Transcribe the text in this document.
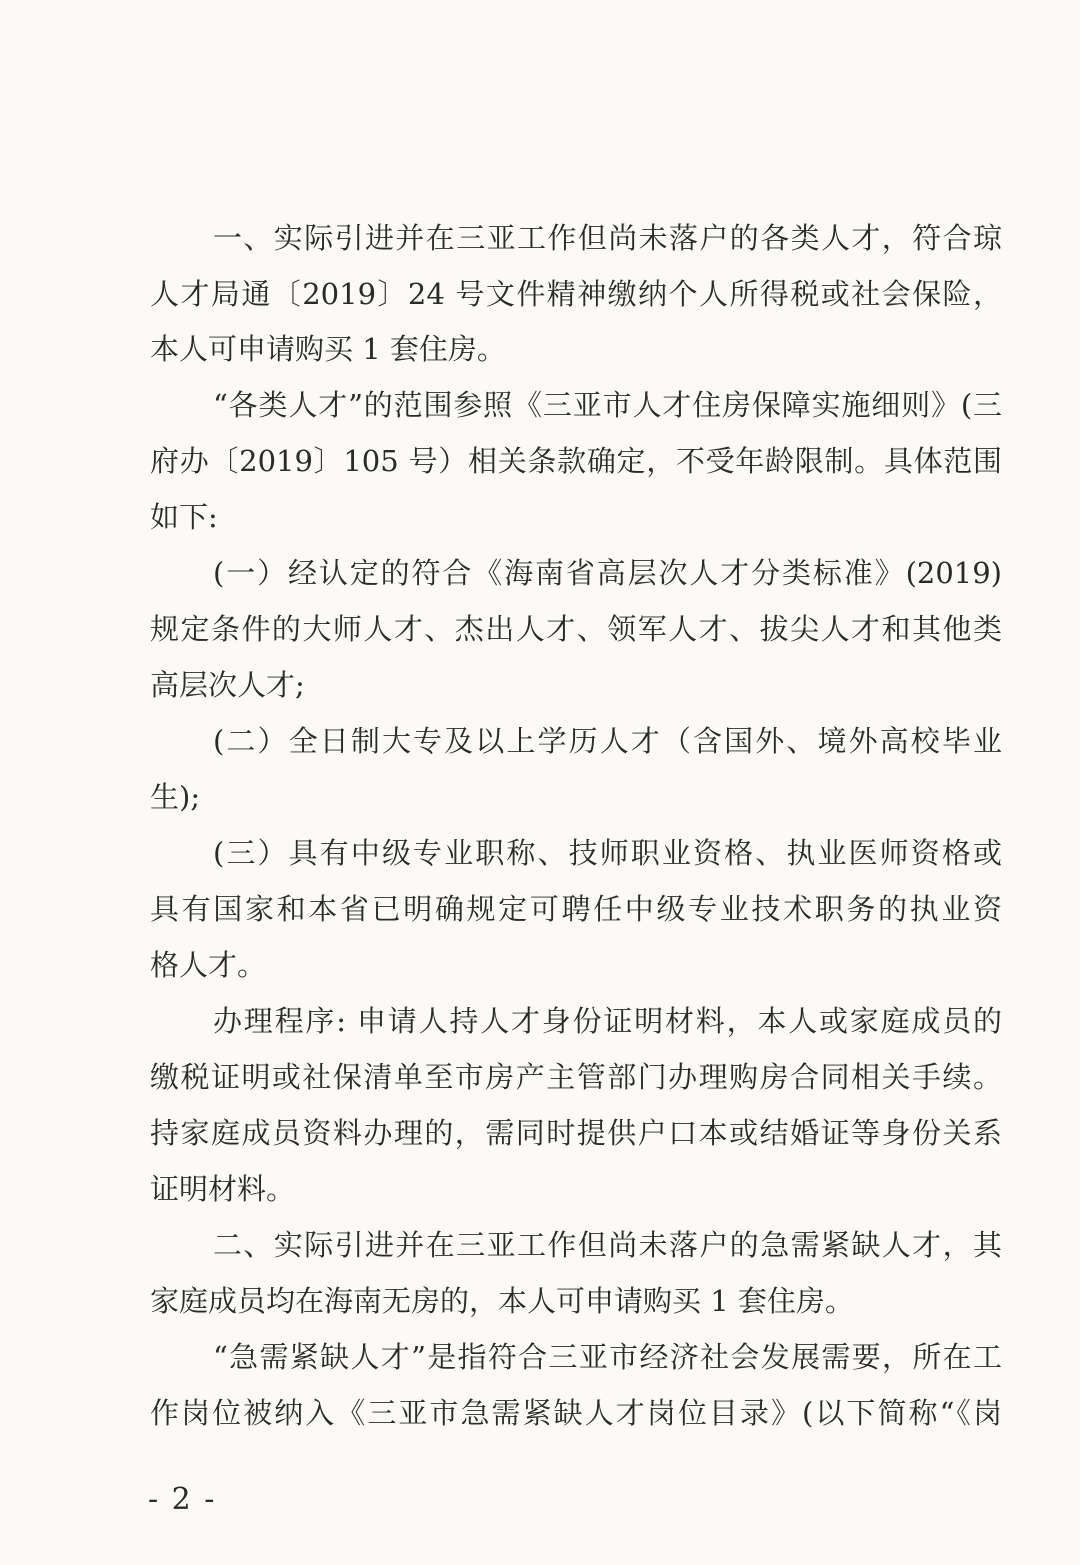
一、实际引进并在三亚工作但尚未落户的各类人才，符合琼
人才局通〔2019〕24 号文件精神缴纳个人所得税或社会保险，
本人可申请购买 1 套住房。
“各类人才”的范围参照《三亚市人才住房保障实施细则》(三
府办〔2019〕105 号）相关条款确定，不受年龄限制。具体范围
如下:
(一）经认定的符合《海南省高层次人才分类标准》(2019)
规定条件的大师人才、杰出人才、领军人才、拔尖人才和其他类
高层次人才;
(二）全日制大专及以上学历人才（含国外、境外高校毕业
生);
(三）具有中级专业职称、技师职业资格、执业医师资格或
具有国家和本省已明确规定可聘任中级专业技术职务的执业资
格人才。
办理程序: 申请人持人才身份证明材料，本人或家庭成员的
缴税证明或社保清单至市房产主管部门办理购房合同相关手续。
持家庭成员资料办理的，需同时提供户口本或结婚证等身份关系
证明材料。
二、实际引进并在三亚工作但尚未落户的急需紧缺人才，其
家庭成员均在海南无房的，本人可申请购买 1 套住房。
“急需紧缺人才”是指符合三亚市经济社会发展需要，所在工
作岗位被纳入《三亚市急需紧缺人才岗位目录》(以下简称“《岗
- 2 -
